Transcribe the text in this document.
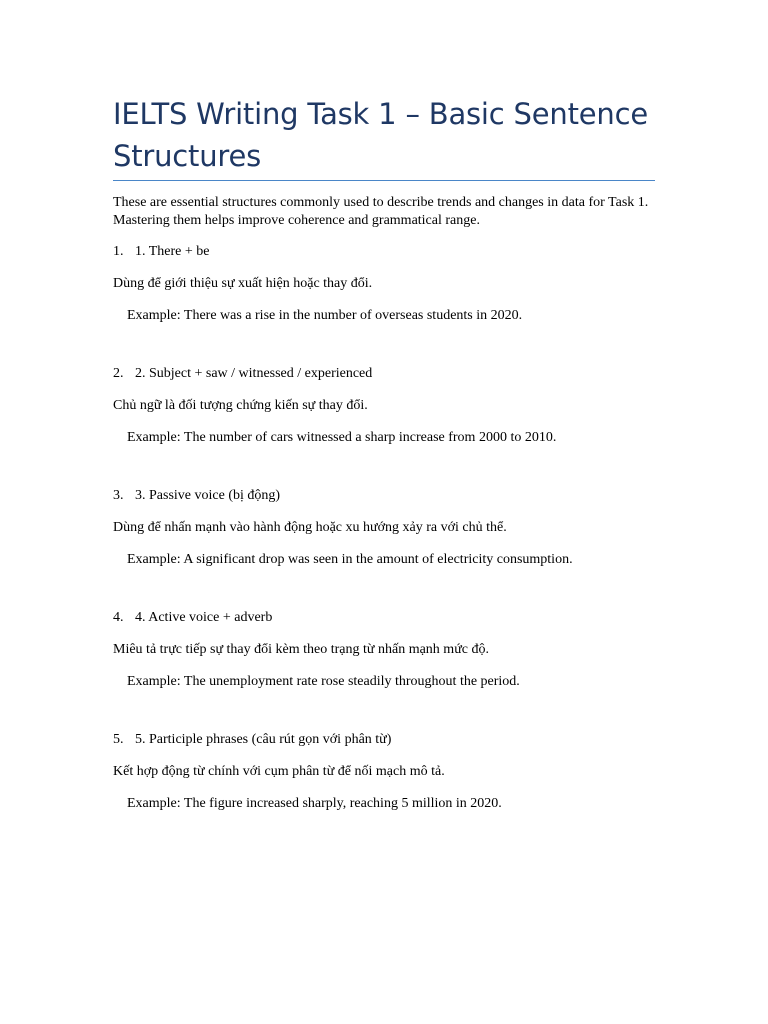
IELTS Writing Task 1 – Basic Sentence Structures

These are essential structures commonly used to describe trends and changes in data for Task 1. Mastering them helps improve coherence and grammatical range.

1. 1. There + be

Dùng để giới thiệu sự xuất hiện hoặc thay đổi.

Example: There was a rise in the number of overseas students in 2020.

2. 2. Subject + saw / witnessed / experienced

Chủ ngữ là đối tượng chứng kiến sự thay đổi.

Example: The number of cars witnessed a sharp increase from 2000 to 2010.

3. 3. Passive voice (bị động)

Dùng để nhấn mạnh vào hành động hoặc xu hướng xảy ra với chủ thể.

Example: A significant drop was seen in the amount of electricity consumption.

4. 4. Active voice + adverb

Miêu tả trực tiếp sự thay đổi kèm theo trạng từ nhấn mạnh mức độ.

Example: The unemployment rate rose steadily throughout the period.

5. 5. Participle phrases (câu rút gọn với phân từ)

Kết hợp động từ chính với cụm phân từ để nối mạch mô tả.

Example: The figure increased sharply, reaching 5 million in 2020.
